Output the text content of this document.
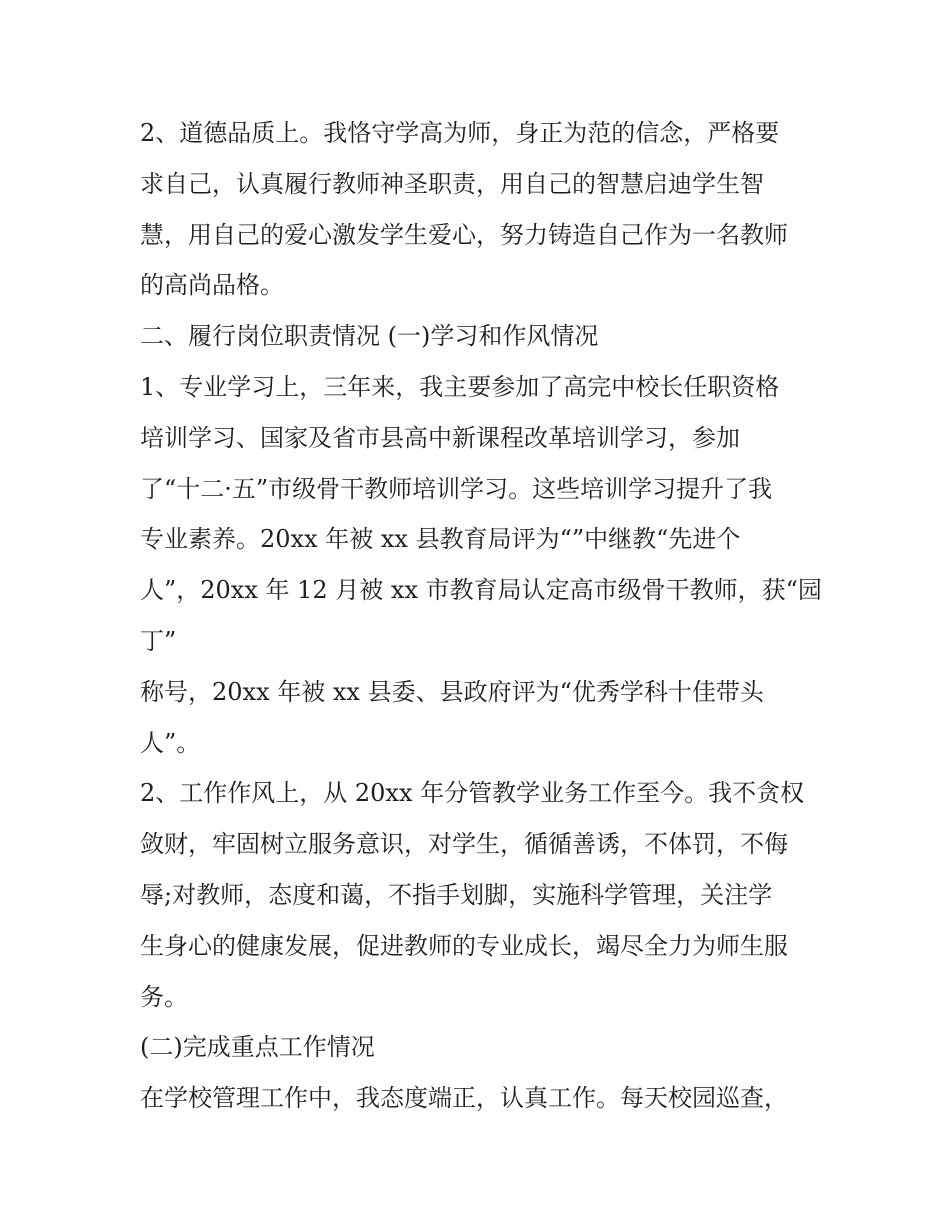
2、道德品质上。我恪守学高为师，身正为范的信念，严格要
求自己，认真履行教师神圣职责，用自己的智慧启迪学生智
慧，用自己的爱心激发学生爱心，努力铸造自己作为一名教师
的高尚品格。
二、履行岗位职责情况 (一)学习和作风情况
1、专业学习上，三年来，我主要参加了高完中校长任职资格
培训学习、国家及省市县高中新课程改革培训学习，参加
了“十二·五”市级骨干教师培训学习。这些培训学习提升了我
专业素养。20xx 年被 xx 县教育局评为“”中继教“先进个
人”，20xx 年 12 月被 xx 市教育局认定高市级骨干教师，获“园
丁”
称号，20xx 年被 xx 县委、县政府评为“优秀学科十佳带头
人”。
2、工作作风上，从 20xx 年分管教学业务工作至今。我不贪权
敛财，牢固树立服务意识，对学生，循循善诱，不体罚，不侮
辱;对教师，态度和蔼，不指手划脚，实施科学管理，关注学
生身心的健康发展，促进教师的专业成长，竭尽全力为师生服
务。
(二)完成重点工作情况
在学校管理工作中，我态度端正，认真工作。每天校园巡查，
